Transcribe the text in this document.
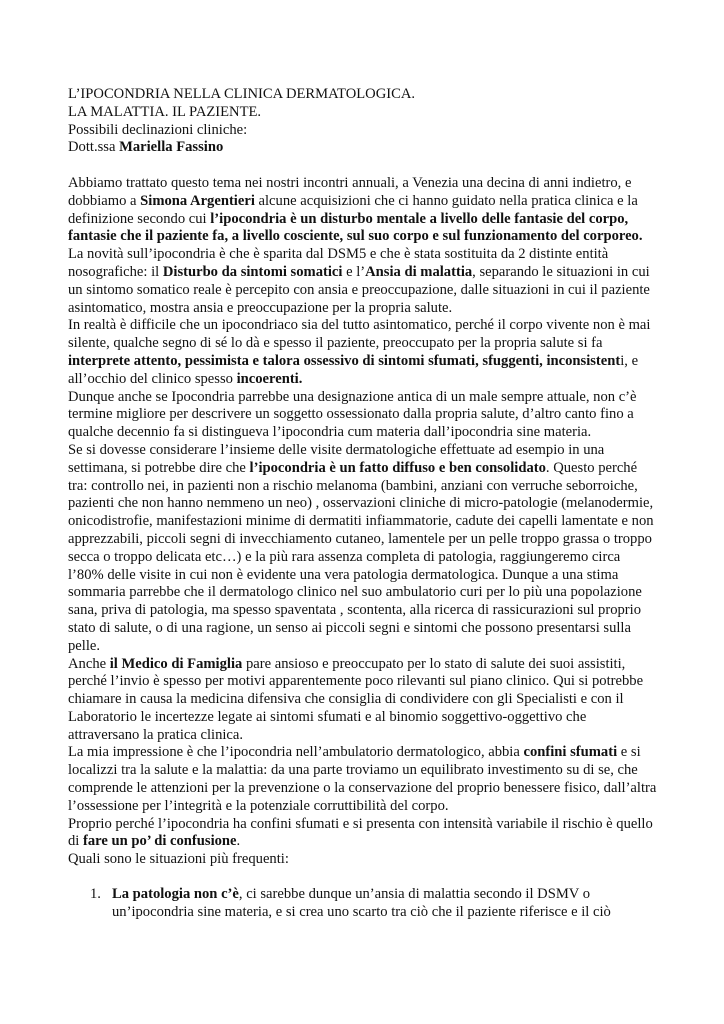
L’IPOCONDRIA NELLA CLINICA DERMATOLOGICA.

LA MALATTIA. IL PAZIENTE.

Possibili declinazioni cliniche:

Dott.ssa Mariella Fassino

Abbiamo trattato questo tema nei nostri incontri annuali, a Venezia una decina di anni indietro, e dobbiamo a Simona Argentieri alcune acquisizioni che ci hanno guidato nella pratica clinica e la definizione secondo cui l’ipocondria è un disturbo mentale a livello delle fantasie del corpo, fantasie che il paziente fa, a livello cosciente, sul suo corpo e sul funzionamento del corporeo.

La novità sull’ipocondria è che è sparita dal DSM5 e che è stata sostituita da 2 distinte entità nosografiche: il Disturbo da sintomi somatici e l’Ansia di malattia, separando le situazioni in cui un sintomo somatico reale è percepito con ansia e preoccupazione, dalle situazioni in cui il paziente asintomatico, mostra ansia e preoccupazione per la propria salute.

In realtà è difficile che un ipocondriaco sia del tutto asintomatico, perché il corpo vivente non è mai silente, qualche segno di sé lo dà e spesso il paziente, preoccupato per la propria salute si fa interprete attento, pessimista e talora ossessivo di sintomi sfumati, sfuggenti, inconsistenti, e all’occhio del clinico spesso incoerenti.

Dunque anche se Ipocondria parrebbe una designazione antica di un male sempre attuale, non c’è termine migliore per descrivere un soggetto ossessionato dalla propria salute, d’altro canto fino a qualche decennio fa si distingueva l’ipocondria cum materia dall’ipocondria sine materia.

Se si dovesse considerare l’insieme delle visite dermatologiche effettuate ad esempio in una settimana, si potrebbe dire che l’ipocondria è un fatto diffuso e ben consolidato. Questo perché tra: controllo nei, in pazienti non a rischio melanoma (bambini, anziani con verruche seborroiche, pazienti che non hanno nemmeno un neo) , osservazioni cliniche di micro-patologie (melanodermie, onicodistrofie, manifestazioni minime di dermatiti infiammatorie, cadute dei capelli lamentate e non apprezzabili, piccoli segni di invecchiamento cutaneo, lamentele per un pelle troppo grassa o troppo secca o troppo delicata etc…) e la più rara assenza completa di patologia, raggiungeremo circa l’80% delle visite in cui non è evidente una vera patologia dermatologica. Dunque a una stima sommaria parrebbe che il dermatologo clinico nel suo ambulatorio curi per lo più una popolazione sana, priva di patologia, ma spesso spaventata , scontenta, alla ricerca di rassicurazioni sul proprio stato di salute, o di una ragione, un senso ai piccoli segni e sintomi che possono presentarsi sulla pelle.

Anche il Medico di Famiglia pare ansioso e preoccupato per lo stato di salute dei suoi assistiti, perché l’invio è spesso per motivi apparentemente poco rilevanti sul piano clinico. Qui si potrebbe chiamare in causa la medicina difensiva che consiglia di condividere con gli Specialisti e con il Laboratorio le incertezze legate ai sintomi sfumati e al binomio soggettivo-oggettivo che attraversano la pratica clinica.

La mia impressione è che l’ipocondria nell’ambulatorio dermatologico, abbia confini sfumati e si localizzi tra la salute e la malattia: da una parte troviamo un equilibrato investimento su di se, che comprende le attenzioni per la prevenzione o la conservazione del proprio benessere fisico, dall’altra l’ossessione per l’integrità e la potenziale corruttibilità del corpo.

Proprio perché l’ipocondria ha confini sfumati e si presenta con intensità variabile il rischio è quello di fare un po’ di confusione.

Quali sono le situazioni più frequenti:

1. La patologia non c’è, ci sarebbe dunque un’ansia di malattia secondo il DSMV o un’ipocondria sine materia, e si crea uno scarto tra ciò che il paziente riferisce e il ciò
